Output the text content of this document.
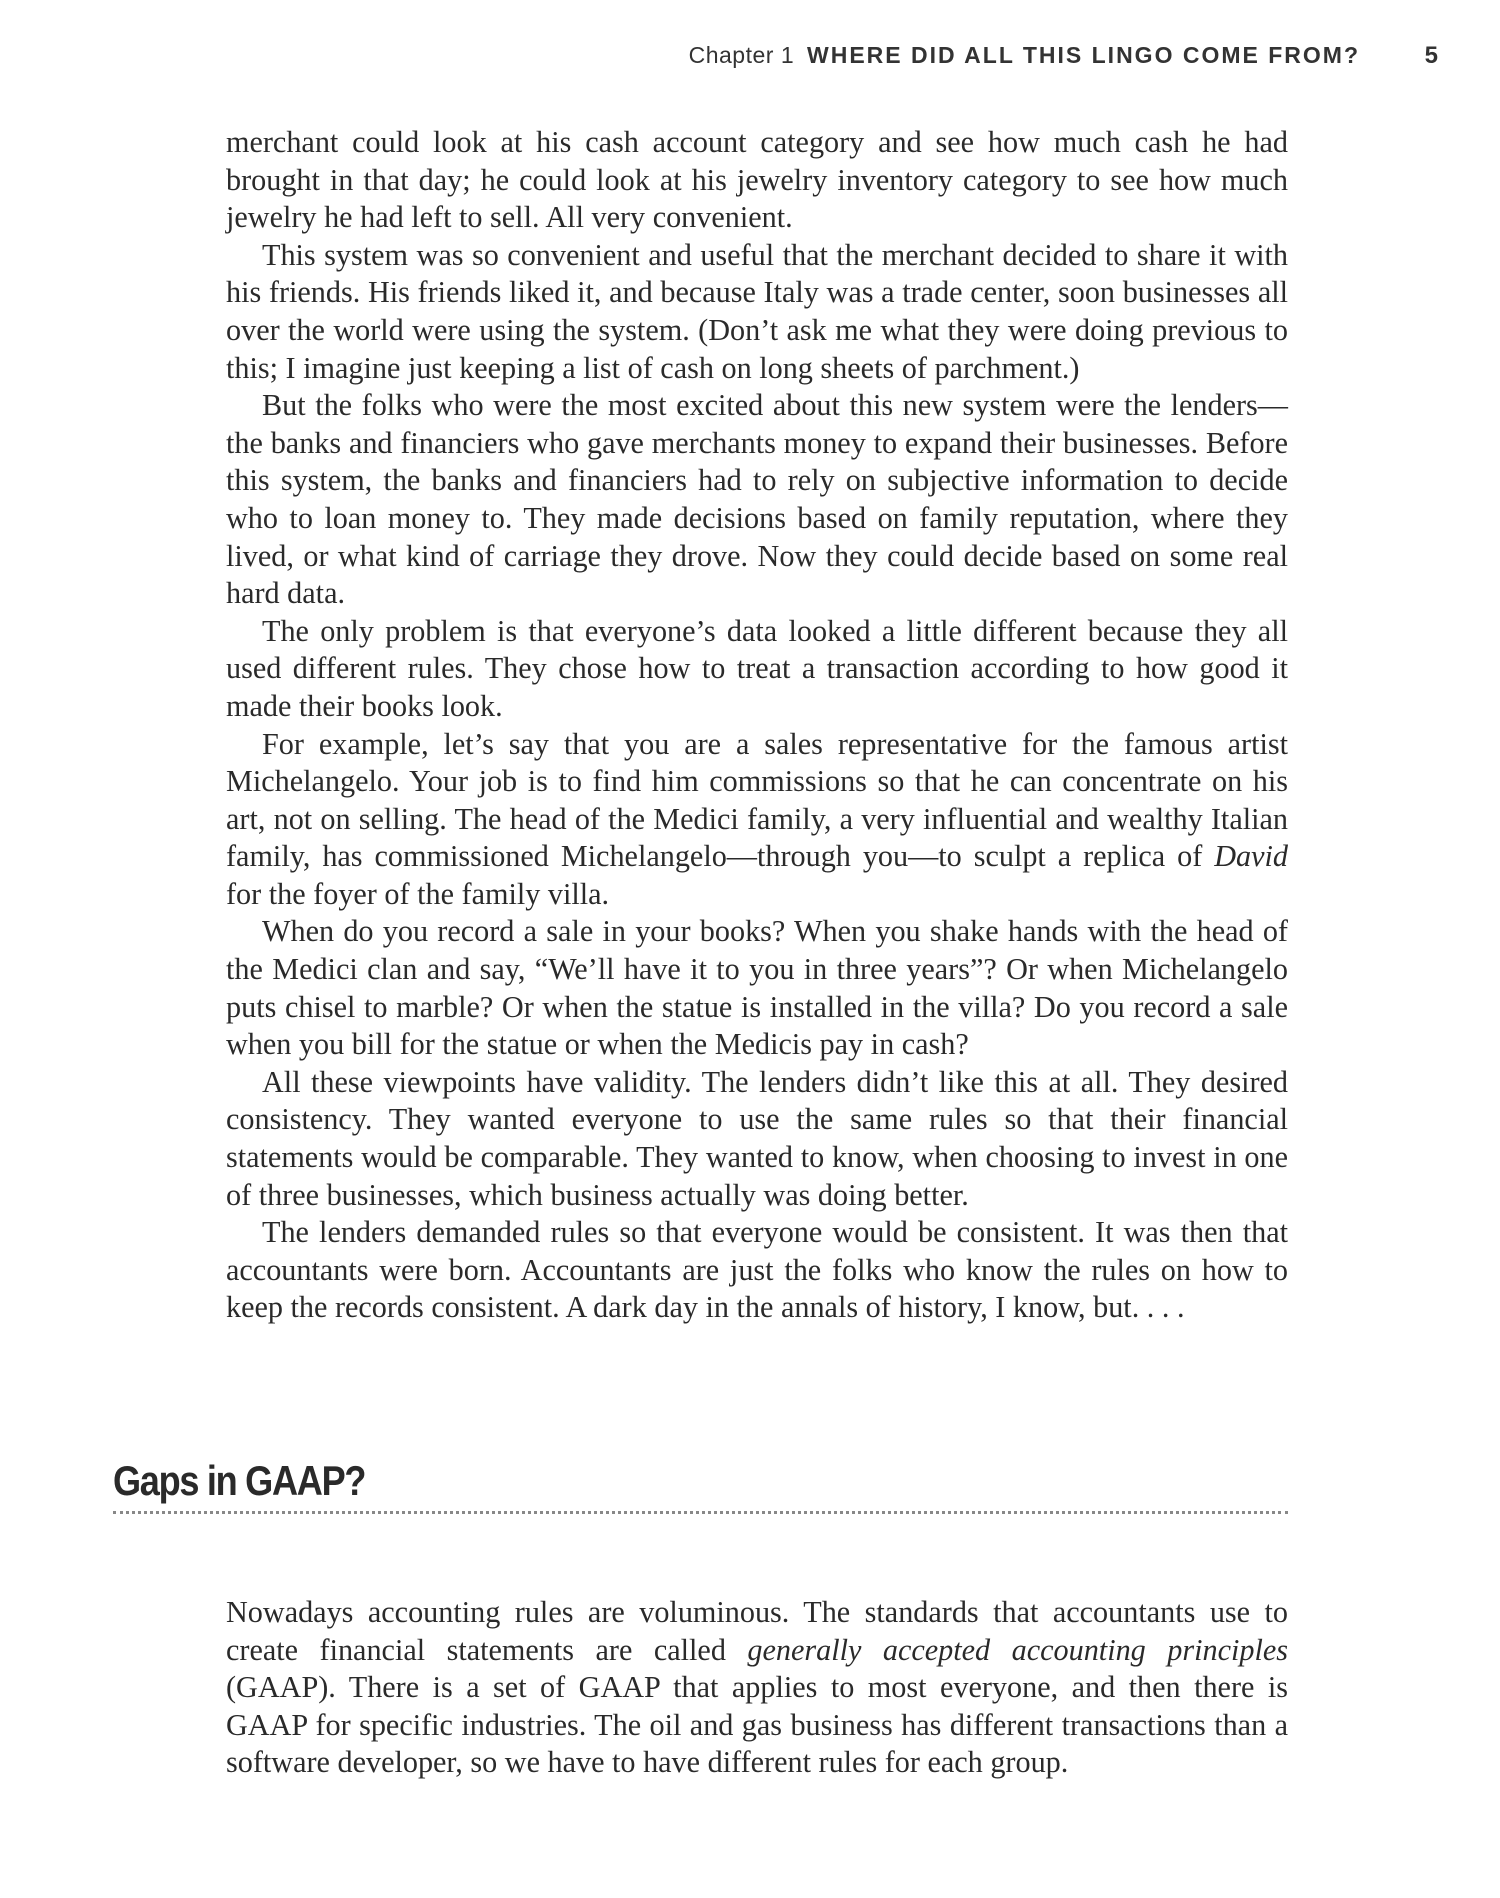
Chapter 1 WHERE DID ALL THIS LINGO COME FROM?	5

merchant could look at his cash account category and see how much cash he had brought in that day; he could look at his jewelry inventory category to see how much jewelry he had left to sell. All very convenient.

This system was so convenient and useful that the merchant decided to share it with his friends. His friends liked it, and because Italy was a trade center, soon businesses all over the world were using the system. (Don’t ask me what they were doing previous to this; I imagine just keeping a list of cash on long sheets of parchment.)

But the folks who were the most excited about this new system were the lenders—the banks and financiers who gave merchants money to expand their businesses. Before this system, the banks and financiers had to rely on subjective information to decide who to loan money to. They made decisions based on family reputation, where they lived, or what kind of carriage they drove. Now they could decide based on some real hard data.

The only problem is that everyone’s data looked a little different because they all used different rules. They chose how to treat a transaction according to how good it made their books look.

For example, let’s say that you are a sales representative for the famous artist Michelangelo. Your job is to find him commissions so that he can concentrate on his art, not on selling. The head of the Medici family, a very influential and wealthy Italian family, has commissioned Michelangelo—through you—to sculpt a replica of David for the foyer of the family villa.

When do you record a sale in your books? When you shake hands with the head of the Medici clan and say, “We’ll have it to you in three years”? Or when Michelangelo puts chisel to marble? Or when the statue is installed in the villa? Do you record a sale when you bill for the statue or when the Medicis pay in cash?

All these viewpoints have validity. The lenders didn’t like this at all. They desired consistency. They wanted everyone to use the same rules so that their financial statements would be comparable. They wanted to know, when choosing to invest in one of three businesses, which business actually was doing better.

The lenders demanded rules so that everyone would be consistent. It was then that accountants were born. Accountants are just the folks who know the rules on how to keep the records consistent. A dark day in the annals of history, I know, but. . . .

Gaps in GAAP?

Nowadays accounting rules are voluminous. The standards that accountants use to create financial statements are called generally accepted accounting principles (GAAP). There is a set of GAAP that applies to most everyone, and then there is GAAP for specific industries. The oil and gas business has different transactions than a software developer, so we have to have different rules for each group.
